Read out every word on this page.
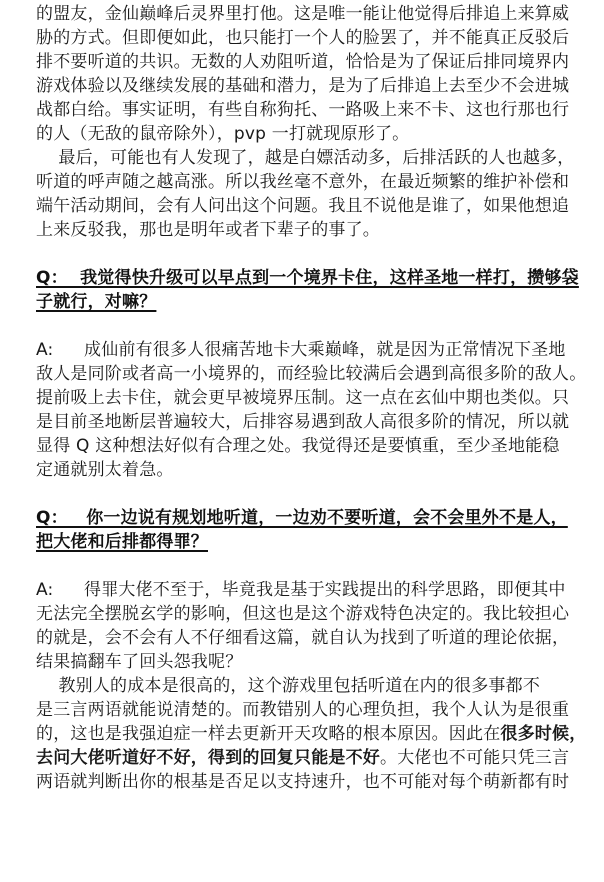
的盟友，金仙巅峰后灵界里打他。这是唯一能让他觉得后排追上来算威
胁的方式。但即便如此，也只能打一个人的脸罢了，并不能真正反驳后
排不要听道的共识。无数的人劝阻听道，恰恰是为了保证后排同境界内
游戏体验以及继续发展的基础和潜力，是为了后排追上去至少不会进城
战都白给。事实证明，有些自称狗托、一路吸上来不卡、这也行那也行
的人（无敌的鼠帝除外），pvp 一打就现原形了。
最后，可能也有人发现了，越是白嫖活动多，后排活跃的人也越多，
听道的呼声随之越高涨。所以我丝毫不意外，在最近频繁的维护补偿和
端午活动期间，会有人问出这个问题。我且不说他是谁了，如果他想追
上来反驳我，那也是明年或者下辈子的事了。
Q：  我觉得快升级可以早点到一个境界卡住，这样圣地一样打，攒够袋
子就行，对嘛？
A: 成仙前有很多人很痛苦地卡大乘巅峰，就是因为正常情况下圣地
敌人是同阶或者高一小境界的，而经验比较满后会遇到高很多阶的敌人。
提前吸上去卡住，就会更早被境界压制。这一点在玄仙中期也类似。只
是目前圣地断层普遍较大，后排容易遇到敌人高很多阶的情况，所以就
显得 Q 这种想法好似有合理之处。我觉得还是要慎重，至少圣地能稳
定通就别太着急。
Q：   你一边说有规划地听道，一边劝不要听道，会不会里外不是人，
把大佬和后排都得罪？
A: 得罪大佬不至于，毕竟我是基于实践提出的科学思路，即便其中
无法完全摆脱玄学的影响，但这也是这个游戏特色决定的。我比较担心
的就是，会不会有人不仔细看这篇，就自认为找到了听道的理论依据，
结果搞翻车了回头怨我呢？
教别人的成本是很高的，这个游戏里包括听道在内的很多事都不
是三言两语就能说清楚的。而教错别人的心理负担，我个人认为是很重
的，这也是我强迫症一样去更新开天攻略的根本原因。因此在很多时候，
去问大佬听道好不好，得到的回复只能是不好。大佬也不可能只凭三言
两语就判断出你的根基是否足以支持速升，也不可能对每个萌新都有时
